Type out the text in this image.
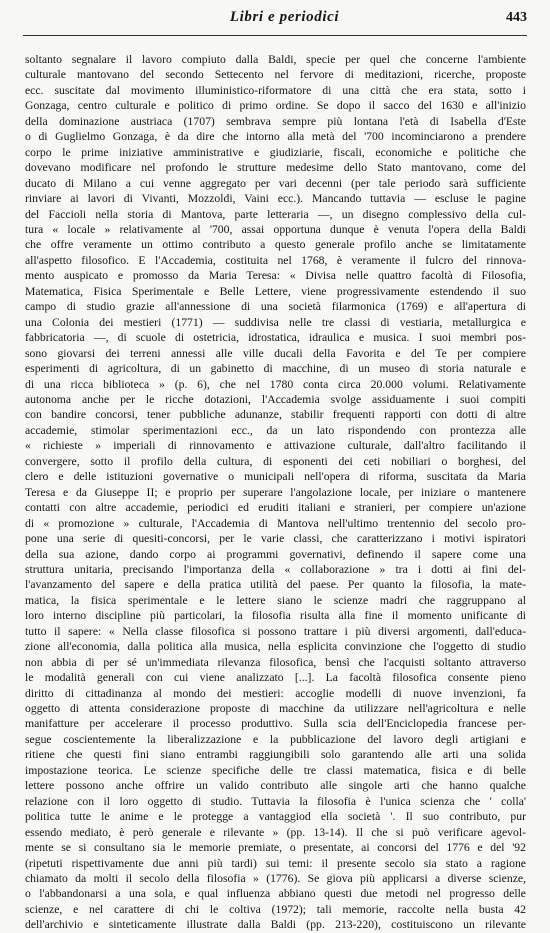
Libri e periodici	443
soltanto segnalare il lavoro compiuto dalla Baldi, specie per quel che concerne l'ambiente
culturale mantovano del secondo Settecento nel fervore di meditazioni, ricerche, proposte
ecc. suscitate dal movimento illuministico-riformatore di una città che era stata, sotto i
Gonzaga, centro culturale e politico di primo ordine. Se dopo il sacco del 1630 e all'inizio
della dominazione austriaca (1707) sembrava sempre più lontana l'età di Isabella d'Este
o di Guglielmo Gonzaga, è da dire che intorno alla metà del '700 incominciarono a prendere
corpo le prime iniziative amministrative e giudiziarie, fiscali, economiche e politiche che
dovevano modificare nel profondo le strutture medesime dello Stato mantovano, come del
ducato di Milano a cui venne aggregato per vari decenni (per tale periodo sarà sufficiente
rinviare ai lavori di Vivanti, Mozzoldi, Vaini ecc.). Mancando tuttavia — escluse le pagine
del Faccioli nella storia di Mantova, parte letteraria —, un disegno complessivo della cul-
tura « locale » relativamente al '700, assai opportuna dunque è venuta l'opera della Baldi
che offre veramente un ottimo contributo a questo generale profilo anche se limitatamente
all'aspetto filosofico. E l'Accademia, costituita nel 1768, è veramente il fulcro del rinnova-
mento auspicato e promosso da Maria Teresa: « Divisa nelle quattro facoltà di Filosofia,
Matematica, Fisica Sperimentale e Belle Lettere, viene progressivamente estendendo il suo
campo di studio grazie all'annessione di una società filarmonica (1769) e all'apertura di
una Colonia dei mestieri (1771) — suddivisa nelle tre classi di vestiaria, metallurgica e
fabbricatoria —, di scuole di ostetricia, idrostatica, idraulica e musica. I suoi membri pos-
sono giovarsi dei terreni annessi alle ville ducali della Favorita e del Te per compiere
esperimenti di agricoltura, di un gabinetto di macchine, di un museo di storia naturale e
di una ricca biblioteca » (p. 6), che nel 1780 conta circa 20.000 volumi. Relativamente
autonoma anche per le ricche dotazioni, l'Accademia svolge assiduamente i suoi compiti
con bandire concorsi, tener pubbliche adunanze, stabilir frequenti rapporti con dotti di altre
accademie, stimolar sperimentazioni ecc., da un lato rispondendo con prontezza alle
« richieste » imperiali di rinnovamento e attivazione culturale, dall'altro facilitando il
convergere, sotto il profilo della cultura, di esponenti dei ceti nobiliari o borghesi, del
clero e delle istituzioni governative o municipali nell'opera di riforma, suscitata da Maria
Teresa e da Giuseppe II; e proprio per superare l'angolazione locale, per iniziare o mantenere
contatti con altre accademie, periodici ed eruditi italiani e stranieri, per compiere un'azione
di « promozione » culturale, l'Accademia di Mantova nell'ultimo trentennio del secolo pro-
pone una serie di quesiti-concorsi, per le varie classi, che caratterizzano i motivi ispiratori
della sua azione, dando corpo ai programmi governativi, definendo il sapere come una
struttura unitaria, precisando l'importanza della « collaborazione » tra i dotti ai fini del-
l'avanzamento del sapere e della pratica utilità del paese. Per quanto la filosofia, la mate-
matica, la fisica sperimentale e le lettere siano le scienze madri che raggruppano al
loro interno discipline più particolari, la filosofia risulta alla fine il momento unificante di
tutto il sapere: « Nella classe filosofica si possono trattare i più diversi argomenti, dall'educa-
zione all'economia, dalla politica alla musica, nella esplicita convinzione che l'oggetto di studio
non abbia di per sé un'immediata rilevanza filosofica, bensì che l'acquisti soltanto attraverso
le modalità generali con cui viene analizzato [...]. La facoltà filosofica consente pieno
diritto di cittadinanza al mondo dei mestieri: accoglie modelli di nuove invenzioni, fa
oggetto di attenta considerazione proposte di macchine da utilizzare nell'agricoltura e nelle
manifatture per accelerare il processo produttivo. Sulla scia dell'Enciclopedia francese per-
segue coscientemente la liberalizzazione e la pubblicazione del lavoro degli artigiani e
ritiene che questi fini siano entrambi raggiungibili solo garantendo alle arti una solida
impostazione teorica. Le scienze specifiche delle tre classi matematica, fisica e di belle
lettere possono anche offrire un valido contributo alle singole arti che hanno qualche
relazione con il loro oggetto di studio. Tuttavia la filosofia è l'unica scienza che ' colla'
politica tutte le anime e le protegge a vantaggiod ella società '. Il suo contributo, pur
essendo mediato, è però generale e rilevante » (pp. 13-14). Il che si può verificare agevol-
mente se si consultano sia le memorie premiate, o presentate, ai concorsi del 1776 e del '92
(ripetuti rispettivamente due anni più tardi) sui temi: il presente secolo sia stato a ragione
chiamato da molti il secolo della filosofia » (1776). Se giova più applicarsi a diverse scienze,
o l'abbandonarsi a una sola, e qual influenza abbiano questi due metodi nel progresso delle
scienze, e nel carattere di chi le coltiva (1972); tali memorie, raccolte nella busta 42
dell'archivio e sinteticamente illustrate dalla Baldi (pp. 213-220), costituiscono un rilevante
